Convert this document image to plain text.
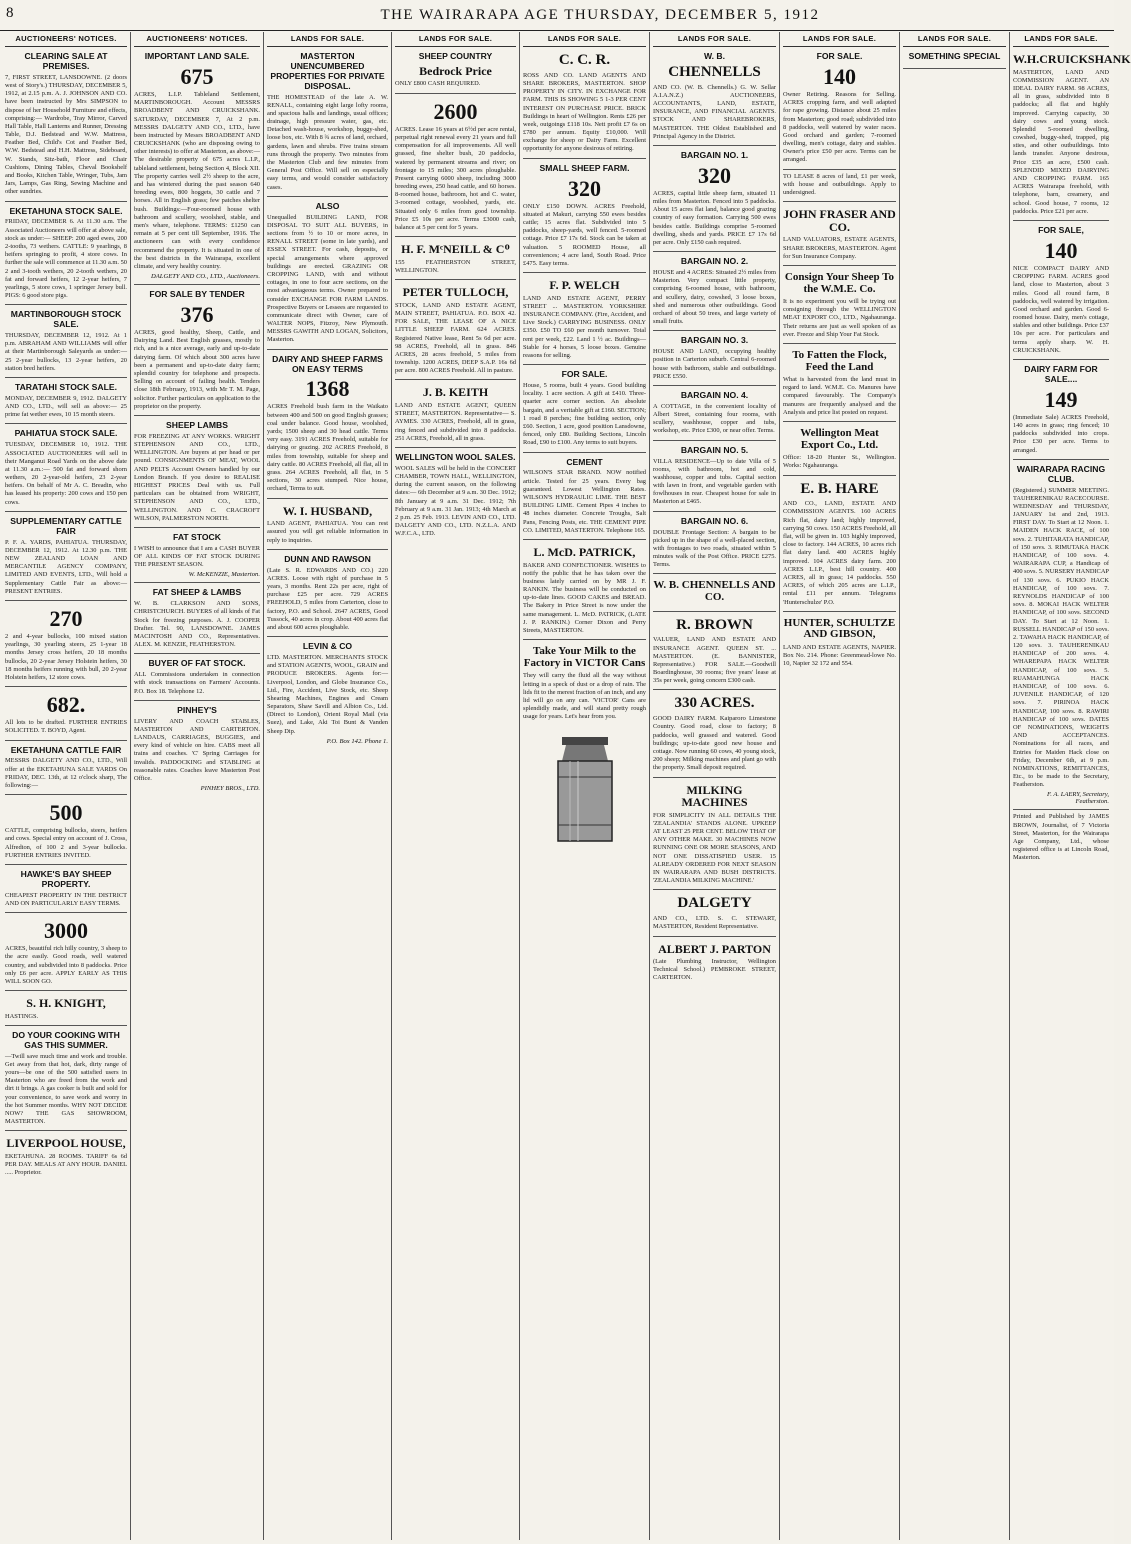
8	THE WAIRARAPA AGE THURSDAY, DECEMBER 5, 1912
AUCTIONEERS' NOTICES.
CLEARING SALE AT PREMISES.

7, FIRST STREET, LANSDOWNE. (2 doors west of Story's.) THURSDAY, DECEMBER 5, 1912, at 2.15 p.m. A. J. JOHNSON AND CO. have been instructed by Mrs SIMPSON to dispose of her Household Furniture and effects, comprising:— Wardrobe, Tray Mirror, Carved Hall Table, Hall Lanterns and Runner, Dressing Table, D.J. Bedstead and W.W. Mattress, Feather Bed, Child's Cot and Feather Bed, W.W. Bedstead and H.H. Mattress, Sideboard, W. Stands, Sitz-bath, Floor and Chair Cushions, Dining Tables, Cheval Bookshelf and Books, Kitchen Table, Wringer, Tubs, Jam Jars, Lamps, Gas Ring, Sewing Machine and other sundries.

EKETAHUNA STOCK SALE.

FRIDAY, DECEMBER 6. At 11.30 a.m. The Associated Auctioneers will offer at above sale, stock as under:— SHEEP: 200 aged ewes, 200 2-tooths, 73 wethers. CATTLE: 9 yearlings, 8 heifers springing to profit, 4 store cows. In further the sale will commence at 11.30 a.m. 50 2 and 3-tooth wethers, 20 2-tooth wethers, 20 fat and forward heifers, 12 2-year heifers, 7 yearlings, 5 store cows, 1 springer Jersey bull. PIGS: 6 good store pigs.

MARTINBOROUGH STOCK SALE.

THURSDAY, DECEMBER 12, 1912. At 1 p.m. ABRAHAM AND WILLIAMS will offer at their Martinborough Saleyards as under:— 25 2-year bullocks, 13 2-year heifers, 20 station bred heifers.

TARATAHI STOCK SALE.

MONDAY, DECEMBER 9, 1912. DALGETY AND CO., LTD., will sell as above:— 25 prime fat wether ewes, 10 15 month steers.

PAHIATUA STOCK SALE.

TUESDAY, DECEMBER 10, 1912. THE ASSOCIATED AUCTIONEERS will sell in their Manganui Road Yards on the above date at 11.30 a.m.:— 500 fat and forward shorn wethers, 20 2-year-old heifers, 23 2-year heifers. On behalf of Mr A. C. Breadin, who has leased his property: 200 cows and 150 pen cows.

SUPPLEMENTARY CATTLE FAIR

P. F. A. YARDS, PAHIATUA. THURSDAY, DECEMBER 12, 1912. At 12.30 p.m. THE NEW ZEALAND LOAN AND MERCANTILE AGENCY COMPANY, LIMITED AND EVENTS, LTD., Will hold a Supplementary Cattle Fair as above:— PRESENT ENTRIES.

270

2 and 4-year bullocks, 100 mixed station yearlings, 30 yearling steers, 25 1-year 18 months Jersey cross heifers, 20 18 months bullocks, 20 2-year Jersey Holstein heifers, 30 18 months heifers running with bull, 20 2-year Holstein heifers, 12 store cows.

682.

All lots to be drafted. FURTHER ENTRIES SOLICITED. T. BOYD, Agent.

EKETAHUNA CATTLE FAIR

MESSRS DALGETY AND CO., LTD., Will offer at the EKETAHUNA SALE YARDS On FRIDAY, DEC. 13th, at 12 o'clock sharp, The following:—

500

CATTLE, comprising bullocks, steers, heifers and cows. Special entry on account of J. Cross, Alfredton, of 100 2 and 3-year bullocks. FURTHER ENTRIES INVITED.

HAWKE'S BAY SHEEP PROPERTY.

CHEAPEST PROPERTY IN THE DISTRICT AND ON PARTICULARLY EASY TERMS.

3000

ACRES, beautiful rich hilly country, 3 sheep to the acre easily. Good roads, well watered country, and subdivided into 8 paddocks. Price only £6 per acre. APPLY EARLY AS THIS WILL SOON GO.

S. H. KNIGHT,

HASTINGS.

DO YOUR COOKING WITH GAS THIS SUMMER.

—Twill save much time and work and trouble. Get away from that hot, dark, dirty range of yours—be one of the 500 satisfied users in Masterton who are freed from the work and dirt it brings. A gas cooker is built and sold for your convenience, to save work and worry in the hot Summer months. WHY NOT DECIDE NOW? THE GAS SHOWROOM, MASTERTON.

LIVERPOOL HOUSE,

EKETAHUNA. 28 ROOMS. TARIFF 6s 6d PER DAY. MEALS AT ANY HOUR. DANIEL ..... Proprietor.

AUCTIONEERS' NOTICES.
IMPORTANT LAND SALE.
675

ACRES, L.I.P. Tableland Settlement, MARTINBOROUGH. Account MESSRS BROADBENT AND CRUICKSHANK. SATURDAY, DECEMBER 7, At 2 p.m. MESSRS DALGETY AND CO., LTD., have been instructed by Messrs BROADBENT AND CRUICKSHANK (who are disposing owing to other interests) to offer at Masterton, as above:—The desirable property of 675 acres L.I.P., tableland settlement, being Section 4, Block XII. The property carries well 2½ sheep to the acre, and has wintered during the past season 640 breeding ewes, 800 hoggets, 30 cattle and 7 horses. All in English grass; few patches shelter bush. Buildings:—Four-roomed house with bathroom and scullery, woolshed, stable, and men's whare, telephone. TERMS: £1250 can remain at 5 per cent till September, 1916. The auctioneers can with every confidence recommend the property. It is situated in one of the best districts in the Wairarapa, excellent climate, and very healthy country.

DALGETY AND CO., LTD., Auctioneers.
FOR SALE BY TENDER
376

ACRES, good healthy, Sheep, Cattle, and Dairying Land. Best English grasses, mostly to rich, and is a nice average, early and up-to-date dairying farm. Of which about 300 acres have been a permanent and up-to-date dairy farm; splendid country for telephone and prospects. Selling on account of failing health. Tenders close 18th February, 1913, with Mr T. M. Page, solicitor. Further particulars on application to the proprietor on the property.

SHEEP LAMBS

FOR FREEZING AT ANY WORKS. WRIGHT STEPHENSON AND CO., LTD., WELLINGTON. Are buyers at per head or per pound. CONSIGNMENTS OF MEAT, WOOL AND PELTS Account Owners handled by our London Branch. If you desire to REALISE HIGHEST PRICES Deal with us. Full particulars can be obtained from WRIGHT, STEPHENSON AND CO., LTD., WELLINGTON. AND C. CRACROFT WILSON, PALMERSTON NORTH.

FAT STOCK

I WISH to announce that I am a CASH BUYER OF ALL KINDS OF FAT STOCK DURING THE PRESENT SEASON.

W. McKENZIE, Masterton.
FAT SHEEP & LAMBS

W. B. CLARKSON AND SONS, CHRISTCHURCH. BUYERS of all kinds of Fat Stock for freezing purposes. A. J. COOPER Drafter. Tel. 90, LANSDOWNE. JAMES MACINTOSH AND CO., Representatives. ALEX. M. KENZIE, FEATHERSTON.

BUYER OF FAT STOCK.

ALL Commissions undertaken in connection with stock transactions on Farmers' Accounts. P.O. Box 18. Telephone 12.

PINHEY'S

LIVERY AND COACH STABLES, MASTERTON AND CARTERTON. LANDAUS, CARRIAGES, BUGGIES, and every kind of vehicle on hire. CABS meet all trains and coaches. 'C' Spring Carriages for invalids. PADDOCKING and STABLING at reasonable rates. Coaches leave Masterton Post Office.

PINHEY BROS., LTD.
LANDS FOR SALE.
MASTERTON UNENCUMBERED PROPERTIES FOR PRIVATE DISPOSAL.

THE HOMESTEAD of the late A. W. RENALL, containing eight large lofty rooms, and spacious halls and landings, usual offices; drainage, high pressure water, gas, etc. Detached wash-house, workshop, buggy-shed, loose box, etc. With 8 ¾ acres of land, orchard, gardens, lawn and shrubs. Five trains stream runs through the property. Two minutes from the Masterton Club and few minutes from General Post Office. Will sell on especially easy terms, and would consider satisfactory cases.

ALSO

Unequalled BUILDING LAND, FOR DISPOSAL TO SUIT ALL BUYERS, in sections from ½ to 10 or more acres, in RENALL STREET (some in late yards), and ESSEX STREET. For cash, deposits, or special arrangements where approved buildings are erected. GRAZING OR CROPPING LAND, with and without cottages, in one to four acre sections, on the most advantageous terms. Owner prepared to consider EXCHANGE FOR FARM LANDS. Prospective Buyers or Lessees are requested to communicate direct with Owner, care of WALTER NOPS, Fitzroy, New Plymouth. MESSRS GAWITH AND LOGAN, Solicitors, Masterton.

DAIRY AND SHEEP FARMS ON EASY TERMS
1368

ACRES Freehold bush farm in the Waikato between 400 and 500 on good English grasses; coal under balance. Good house, woolshed, yards; 1500 sheep and 30 head cattle. Terms very easy. 3191 ACRES Freehold, suitable for dairying or grazing. 202 ACRES Freehold, 8 miles from township, suitable for sheep and dairy cattle. 80 ACRES Freehold, all flat, all in grass. 264 ACRES Freehold, all flat, in 5 sections, 30 acres stumped. Nice house, orchard, Terms to suit.

W. I. HUSBAND,

LAND AGENT, PAHIATUA. You can rest assured you will get reliable information in reply to inquiries.

DUNN AND RAWSON

(Late S. R. EDWARDS AND CO.) 220 ACRES. Loose with right of purchase in 5 years, 3 months. Rent 22s per acre, right of purchase £25 per acre. 729 ACRES FREEHOLD, 5 miles from Carterton, close to factory, P.O. and School. 2647 ACRES, Good Tussock, 40 acres in crop. About 400 acres flat and about 600 acres ploughable.

LEVIN & CO

LTD. MASTERTON. MERCHANTS STOCK and STATION AGENTS, WOOL, GRAIN and PRODUCE BROKERS. Agents for:—Liverpool, London, and Globe Insurance Co., Ltd., Fire, Accident, Live Stock, etc. Sheep Shearing Machines, Engines and Cream Separators, Shaw Savill and Albion Co., Ltd. (Direct to London), Orient Royal Mail (via Suez), and Lake, Aki Toi Bunt & Vanden Sheep Dip.

P.O. Box 142. Phone 1.
LANDS FOR SALE.
SHEEP COUNTRY
Bedrock Price

ONLY £800 CASH REQUIRED.

2600

ACRES. Lease 16 years at 6½d per acre rental, perpetual right renewal every 21 years and full compensation for all improvements. All well grassed, fine shelter bush, 20 paddocks, watered by permanent streams and river; on frontage to 15 miles; 300 acres ploughable. Present carrying 6000 sheep, including 3000 breeding ewes, 250 head cattle, and 60 horses. 8-roomed house, bathroom, hot and C. water, 3-roomed cottage, woolshed, yards, etc. Situated only 6 miles from good township. Price £5 10s per acre. Terms £3000 cash, balance at 5 per cent for 5 years.

H. F. MᶜNEILL & Cᴼ

155 FEATHERSTON STREET, WELLINGTON.

PETER TULLOCH,

STOCK, LAND AND ESTATE AGENT, MAIN STREET, PAHIATUA. P.O. BOX 42. FOR SALE, THE LEASE OF A NICE LITTLE SHEEP FARM. 624 ACRES. Registered Native lease, Rent 5s 6d per acre. 98 ACRES, Freehold, all in grass. 846 ACRES, 28 acres freehold, 5 miles from township. 1200 ACRES, DEEP S.A.P. 16s 6d per acre. 800 ACRES Freehold. All in pasture.

J. B. KEITH

LAND AND ESTATE AGENT, QUEEN STREET, MASTERTON. Representative— S. AYMES. 330 ACRES, Freehold, all in grass, ring fenced and subdivided into 8 paddocks. 251 ACRES, Freehold, all in grass.

WELLINGTON WOOL SALES.

WOOL SALES will be held in the CONCERT CHAMBER, TOWN HALL, WELLINGTON, during the current season, on the following dates:— 6th December at 9 a.m. 30 Dec. 1912; 8th January at 9 a.m. 31 Dec. 1912; 7th February at 9 a.m. 31 Jan. 1913; 4th March at 2 p.m. 25 Feb. 1913. LEVIN AND CO., LTD. DALGETY AND CO., LTD. N.Z.L.A. AND W.F.C.A., LTD.

LANDS FOR SALE.
C. C. R.

ROSS AND CO. LAND AGENTS AND SHARE BROKERS, MASTERTON. SHOP PROPERTY IN CITY. IN EXCHANGE FOR FARM. THIS IS SHOWING 5 1-3 PER CENT INTEREST ON PURCHASE PRICE. BRICK Buildings in heart of Wellington. Rents £26 per week, outgoings £118 10s. Nett profit £7 6s on £780 per annum. Equity £10,000. Will exchange for sheep or Dairy Farm. Excellent opportunity for anyone desirous of retiring.

SMALL SHEEP FARM.
320

ONLY £150 DOWN. ACRES Freehold, situated at Makuri, carrying 550 ewes besides cattle; 15 acres flat. Subdivided into 5 paddocks, sheep-yards, well fenced. 5-roomed cottage. Price £7 17s 6d. Stock can be taken at valuation. 5 ROOMED House, all conveniences; 4 acre land, South Road. Price £475. Easy terms.

F. P. WELCH

LAND AND ESTATE AGENT, PERRY STREET ... MASTERTON. YORKSHIRE INSURANCE COMPANY. (Fire, Accident, and Live Stock.) CARRYING BUSINESS. ONLY £350. £50 TO £60 per month turnover. Total rent per week, £22. Land 1 ½ ac. Buildings— Stable for 4 horses, 5 loose boxes. Genuine reasons for selling.

FOR SALE.

House, 5 rooms, built 4 years. Good building locality. 1 acre section. A gift at £410. Three-quarter acre corner section. An absolute bargain, and a veritable gift at £160. SECTION; 1 road 8 perches; fine building section, only £60. Section, 1 acre, good position Lansdowne, fenced, only £80. Building Sections, Lincoln Road, £90 to £100. Any terms to suit buyers.

CEMENT

WILSON'S STAR BRAND. NOW notified article. Tested for 25 years. Every bag guaranteed. Lowest Wellington Rates. WILSON'S HYDRAULIC LIME. THE BEST BUILDING LIME. Cement Pipes 4 inches to 48 inches diameter. Concrete Troughs, Salt Pans, Fencing Posts, etc. THE CEMENT PIPE CO. LIMITED, MASTERTON. Telephone 165.

L. McD. PATRICK,

BAKER AND CONFECTIONER. WISHES to notify the public that he has taken over the business lately carried on by MR J. F. RANKIN. The business will be conducted on up-to-date lines. GOOD CAKES and BREAD. The Bakery in Price Street is now under the same management. L. McD. PATRICK, (LATE J. P. RANKIN.) Corner Dixon and Perry Streets, MASTERTON.

Take Your Milk to the Factory in VICTOR Cans

They will carry the fluid all the way without letting in a speck of dust or a drop of rain. The lids fit to the merest fraction of an inch, and any lid will go on any can. 'VICTOR' Cans are splendidly made, and will stand pretty rough usage for years. Let's hear from you.

LANDS FOR SALE.
W. B.
CHENNELLS

AND CO. (W. B. Chennells.) G. W. Sellar A.I.A.N.Z.) AUCTIONEERS, ACCOUNTANTS, LAND, ESTATE, INSURANCE, AND FINANCIAL AGENTS. STOCK AND SHAREBROKERS, MASTERTON. THE Oldest Established and Principal Agency in the District.

BARGAIN NO. 1.
320

ACRES, capital little sheep farm, situated 11 miles from Masterton. Fenced into 5 paddocks. About 15 acres flat land, balance good grazing country of easy formation. Carrying 500 ewes besides cattle. Buildings comprise 5-roomed dwelling, sheds and yards. PRICE £7 17s 6d per acre. Only £150 cash required.

BARGAIN NO. 2.

HOUSE and 4 ACRES: Situated 2½ miles from Masterton. Very compact little property, comprising 6-roomed house, with bathroom, and scullery, dairy, cowshed, 3 loose boxes, shed and numerous other outbuildings. Good orchard of about 50 trees, and large variety of small fruits.

BARGAIN NO. 3.

HOUSE AND LAND, occupying healthy position in Carterton suburb. Central 6-roomed house with bathroom, stable and outbuildings. PRICE £550.

BARGAIN NO. 4.

A COTTAGE, in the convenient locality of Albert Street, containing four rooms, with scullery, washhouse, copper and tubs, workshop, etc. Price £300, or near offer. Terms.

BARGAIN NO. 5.

VILLA RESIDENCE—Up to date Villa of 5 rooms, with bathroom, hot and cold, washhouse, copper and tubs. Capital section with lawn in front, and vegetable garden with fowlhouses in rear. Cheapest house for sale in Masterton at £465.

BARGAIN NO. 6.

DOUBLE Frontage Section: A bargain to be picked up in the shape of a well-placed section, with frontages to two roads, situated within 5 minutes walk of the Post Office. PRICE £275. Terms.

W. B. CHENNELLS AND CO.
R. BROWN

VALUER, LAND AND ESTATE AND INSURANCE AGENT. QUEEN ST. ... MASTERTON. (E. BANNISTER, Representative.) FOR SALE.—Goodwill Boardinghouse, 30 rooms; five years' lease at 35s per week, going concern £300 cash.

330 ACRES.

GOOD DAIRY FARM. Kaiparoro Limestone Country. Good road, close to factory; 8 paddocks, well grassed and watered. Good buildings; up-to-date good new house and cottage. Now running 60 cows, 40 young stock, 200 sheep; Milking machines and plant go with the property. Small deposit required.

MILKING MACHINES

FOR SIMPLICITY IN ALL DETAILS THE 'ZEALANDIA' STANDS ALONE. UPKEEP AT LEAST 25 PER CENT. BELOW THAT OF ANY OTHER MAKE. 30 MACHINES NOW RUNNING ONE OR MORE SEASONS, AND NOT ONE DISSATISFIED USER. 15 ALREADY ORDERED FOR NEXT SEASON IN WAIRARAPA AND BUSH DISTRICTS. 'ZEALANDIA MILKING MACHINE.'

DALGETY

AND CO., LTD. S. C. STEWART, MASTERTON, Resident Representative.

ALBERT J. PARTON

(Late Plumbing Instructor, Wellington Technical School.) PEMBROKE STREET, CARTERTON.

LANDS FOR SALE.
FOR SALE.
140

Owner Retiring. Reasons for Selling. ACRES cropping farm, and well adapted for rape growing. Distance about 25 miles from Masterton; good road; subdivided into 8 paddocks, well watered by water races. Good orchard and garden; 7-roomed dwelling, men's cottage, dairy and stables. Owner's price £50 per acre. Terms can be arranged.

TO LEASE 8 acres of land, £1 per week, with house and outbuildings. Apply to undersigned.

JOHN FRASER AND CO.

LAND VALUATORS, ESTATE AGENTS, SHARE BROKERS, MASTERTON. Agent for Sun Insurance Company.

Consign Your Sheep To the W.M.E. Co.

It is no experiment you will be trying out consigning through the WELLINGTON MEAT EXPORT CO., LTD., Ngahauranga. Their returns are just as well spoken of as ever. Freeze and Ship Your Fat Stock.

To Fatten the Flock, Feed the Land

What is harvested from the land must in regard to land. W.M.E. Co. Manures have compared favourably. The Company's manures are frequently analysed and the Analysis and price list posted on request.

Wellington Meat Export Co., Ltd.

Office: 18-20 Hunter St., Wellington. Works: Ngahauranga.

E. B. HARE

AND CO., LAND, ESTATE AND COMMISSION AGENTS. 160 ACRES Rich flat, dairy land; highly improved, carrying 50 cows. 150 ACRES Freehold, all flat, will be given in. 103 highly improved, close to factory. 144 ACRES, 10 acres rich flat dairy land. 400 ACRES highly improved. 104 ACRES dairy farm. 200 ACRES L.I.P., best hill country. 400 ACRES, all in grass; 14 paddocks. 550 ACRES, of which 205 acres are L.I.P., rental £11 per annum. Telegrams 'Hunterschulze' P.O.

HUNTER, SCHULTZE AND GIBSON,

LAND AND ESTATE AGENTS, NAPIER. Box No. 214. Phone: Greenmead-lowe No. 10, Napier 32 172 and 554.

LANDS FOR SALE.
SOMETHING SPECIAL
LANDS FOR SALE.
W.H.CRUICKSHANK

MASTERTON, LAND AND COMMISSION AGENT. AN IDEAL DAIRY FARM. 98 ACRES, all in grass, subdivided into 8 paddocks; all flat and highly improved. Carrying capacity, 30 dairy cows and young stock. Splendid 5-roomed dwelling, cowshed, buggy-shed, trapped, pig sties, and other outbuildings. Into lands transfer. Anyone desirous, Price £35 an acre, £500 cash. SPLENDID MIXED DAIRYING AND CROPPING FARM. 165 ACRES Wairarapa freehold, with telephone, barn, creamery, and school. Good house, 7 rooms, 12 paddocks. Price £21 per acre.

FOR SALE,
140

NICE COMPACT DAIRY AND CROPPING FARM. ACRES good land, close to Masterton, about 3 miles. Good all round farm, 8 paddocks, well watered by irrigation. Good orchard and garden. Good 6-roomed house. Dairy, men's cottage, stables and other buildings. Price £37 10s per acre. For particulars and terms apply sharp. W. H. CRUICKSHANK.

DAIRY FARM FOR SALE....
149

(Immediate Sale) ACRES Freehold, 140 acres in grass; ring fenced; 10 paddocks subdivided into crops. Price £30 per acre. Terms to arranged.

WAIRARAPA RACING CLUB.

(Registered.) SUMMER MEETING. TAUHERENIKAU RACECOURSE. WEDNESDAY and THURSDAY, JANUARY 1st and 2nd, 1913. FIRST DAY. To Start at 12 Noon. 1. MAIDEN HACK RACE, of 100 sovs. 2. TUHITARATA HANDICAP, of 150 sovs. 3. RIMUTAKA HACK HANDICAP, of 100 sovs. 4. WAIRARAPA CUP, a Handicap of 400 sovs. 5. NURSERY HANDICAP of 130 sovs. 6. PUKIO HACK HANDICAP, of 100 sovs. 7. REYNOLDS HANDICAP of 100 sovs. 8. MOKAI HACK WELTER HANDICAP, of 100 sovs. SECOND DAY. To Start at 12 Noon. 1. RUSSELL HANDICAP of 150 sovs. 2. TAWAHA HACK HANDICAP, of 120 sovs. 3. TAUHERENIKAU HANDICAP of 200 sovs. 4. WHAREPAPA HACK WELTER HANDICAP, of 100 sovs. 5. RUAMAHUNGA HACK HANDICAP, of 100 sovs. 6. JUVENILE HANDICAP, of 120 sovs. 7. PIRINOA HACK HANDICAP, 100 sovs. 8. RAWIRI HANDICAP of 100 sovs. DATES OF NOMINATIONS, WEIGHTS AND ACCEPTANCES. Nominations for all races, and Entries for Maiden Hack close on Friday, December 6th, at 9 p.m. NOMINATIONS, REMITTANCES, Etc., to be made to the Secretary, Featherston.

F. A. LAERY, Secretary, Featherston.

Printed and Published by JAMES BROWN, Journalist, of 7 Victoria Street, Masterton, for the Wairarapa Age Company, Ltd., whose registered office is at Lincoln Road, Masterton.
